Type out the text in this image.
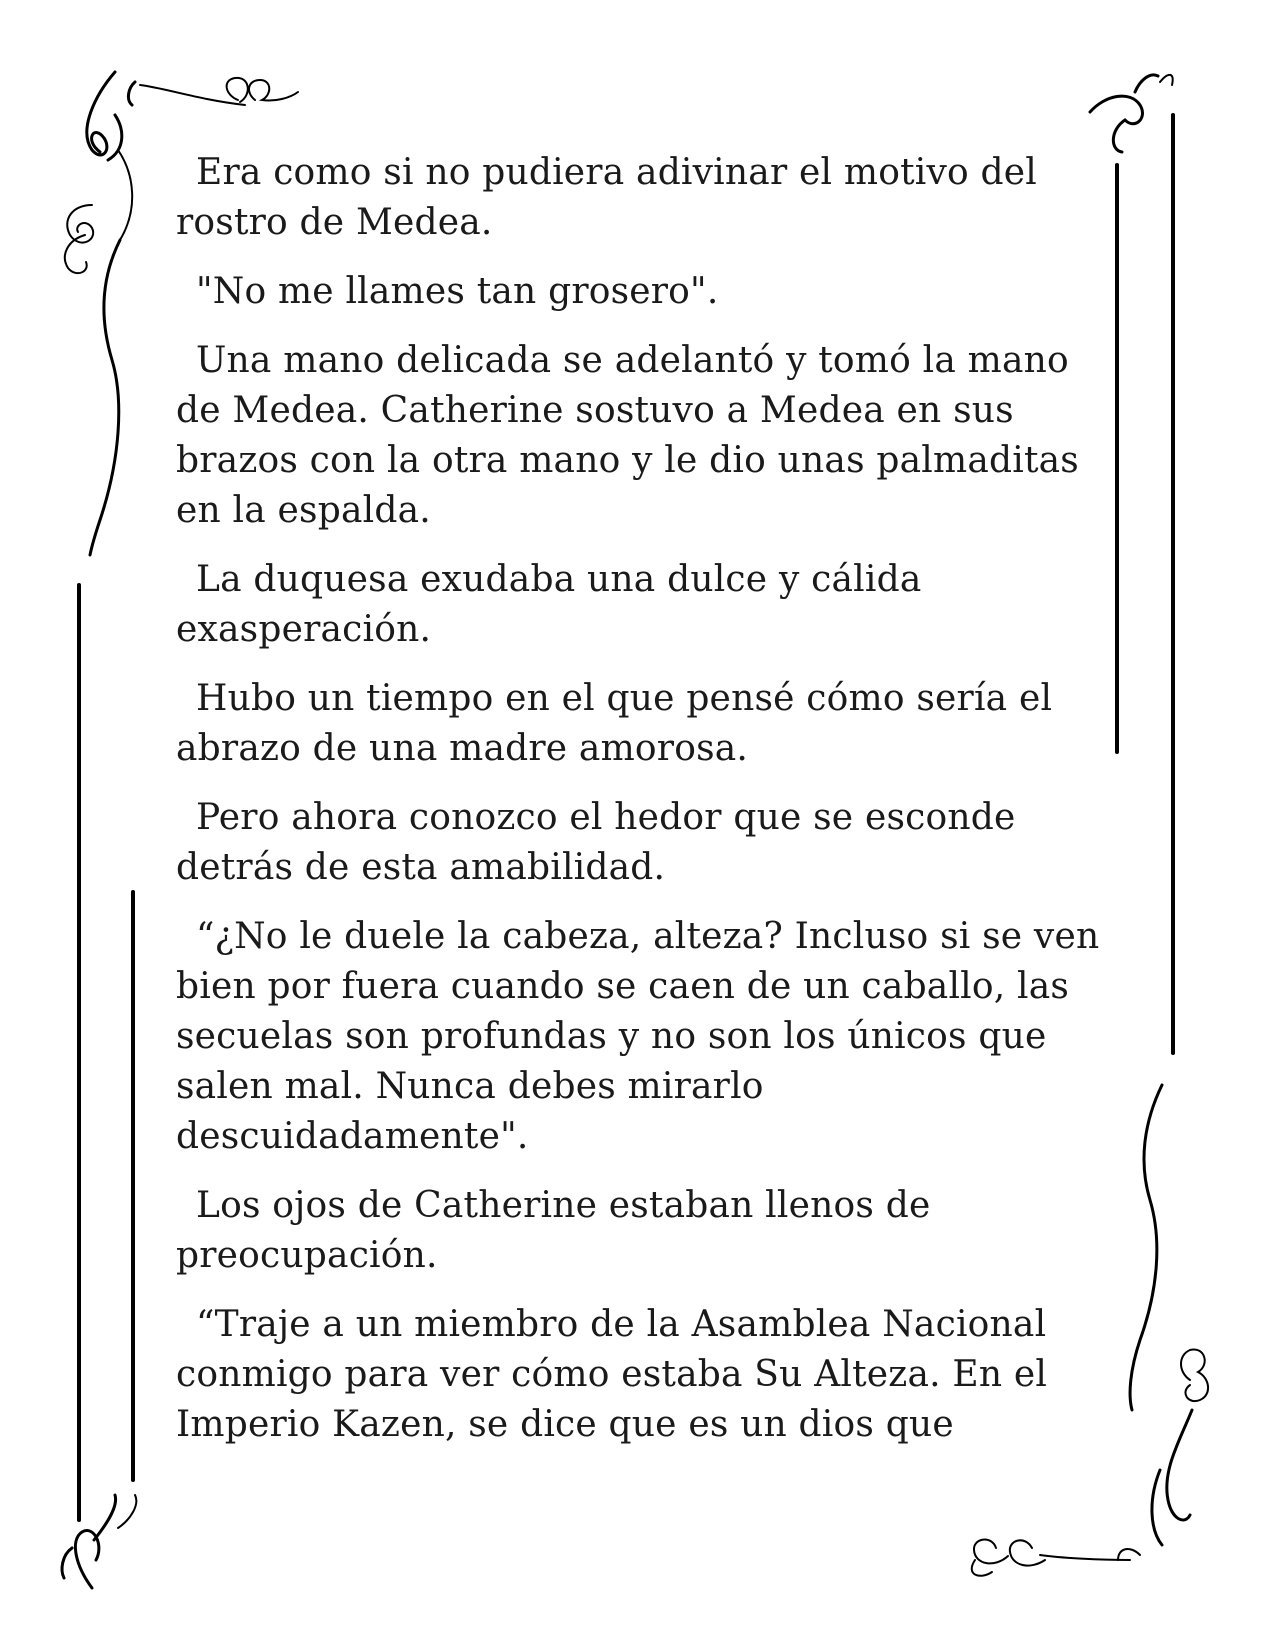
Era como si no pudiera adivinar el motivo del rostro de Medea.

"No me llames tan grosero".

Una mano delicada se adelantó y tomó la mano de Medea. Catherine sostuvo a Medea en sus brazos con la otra mano y le dio unas palmaditas en la espalda.

La duquesa exudaba una dulce y cálida exasperación.

Hubo un tiempo en el que pensé cómo sería el abrazo de una madre amorosa.

Pero ahora conozco el hedor que se esconde detrás de esta amabilidad.

“¿No le duele la cabeza, alteza? Incluso si se ven bien por fuera cuando se caen de un caballo, las secuelas son profundas y no son los únicos que salen mal. Nunca debes mirarlo descuidadamente".

Los ojos de Catherine estaban llenos de preocupación.

“Traje a un miembro de la Asamblea Nacional conmigo para ver cómo estaba Su Alteza. En el Imperio Kazen, se dice que es un dios que
